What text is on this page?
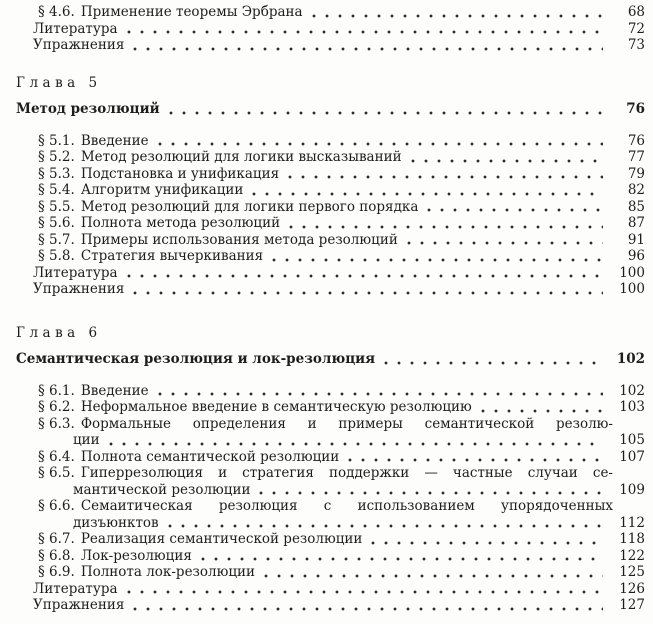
§ 4.6. Применение теоремы Эрбрана	68
Литература	72
Упражнения	73
Глава 5
Метод резолюций	76
§ 5.1. Введение	76
§ 5.2. Метод резолюций для логики высказываний	77
§ 5.3. Подстановка и унификация	79
§ 5.4. Алгоритм унификации	82
§ 5.5. Метод резолюций для логики первого порядка	85
§ 5.6. Полнота метода резолюций	87
§ 5.7. Примеры использования метода резолюций	91
§ 5.8. Стратегия вычеркивания	96
Литература	100
Упражнения	100
Глава 6
Семантическая резолюция и лок-резолюция	102
§ 6.1. Введение	102
§ 6.2. Неформальное введение в семантическую резолюцию	103
§ 6.3. Формальные определения и примеры семантической резолю-
ции	105
§ 6.4. Полнота семантической резолюции	107
§ 6.5. Гиперрезолюция и стратегия поддержки — частные случаи се-
мантической резолюции	109
§ 6.6. Семаитическая резолюция с использованием упорядоченных
дизъюнктов	112
§ 6.7. Реализация семантической резолюции	118
§ 6.8. Лок-резолюция	122
§ 6.9. Полнота лок-резолюции	125
Литература	126
Упражнения	127
